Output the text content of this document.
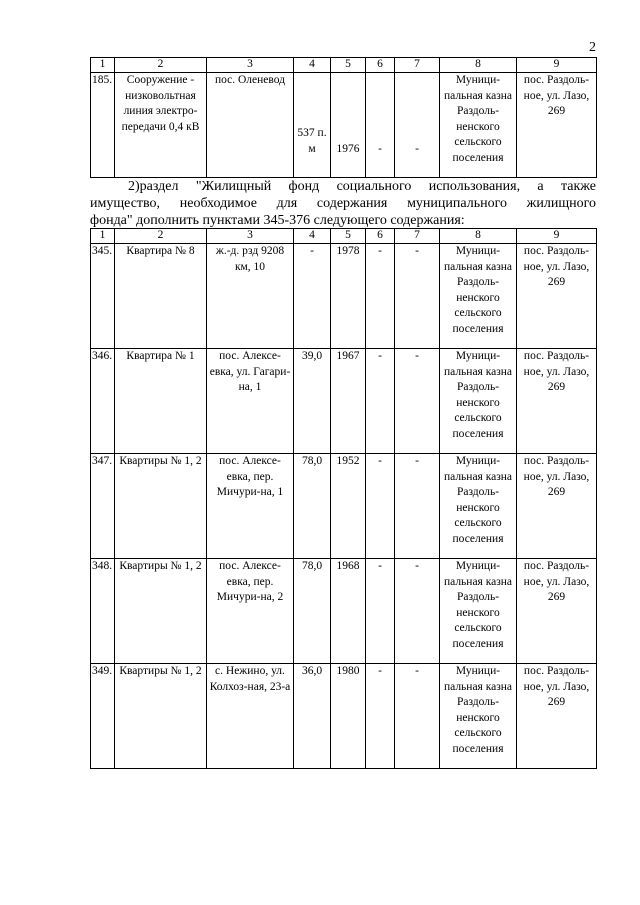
2
1	2	3	4	5	6	7	8	9
185.	Сооружение - низковольтная линия электро-передачи 0,4 кВ	пос. Оленевод	537 п. м	1976	-	-	Муници-пальная казна Раздоль-ненского сельского поселения	пос. Раздоль-ное, ул. Лазо, 269

2)раздел "Жилищный фонд социального использования, а также
имущество, необходимое для содержания муниципального жилищного
фонда" дополнить пунктами 345-376 следующего содержания:

1	2	3	4	5	6	7	8	9
345.	Квартира № 8	ж.-д. рзд 9208 км, 10	-	1978	-	-	Муници-пальная казна Раздоль-ненского сельского поселения	пос. Раздоль-ное, ул. Лазо, 269
346.	Квартира № 1	пос. Алексе-евка, ул. Гагари-на, 1	39,0	1967	-	-	Муници-пальная казна Раздоль-ненского сельского поселения	пос. Раздоль-ное, ул. Лазо, 269
347.	Квартиры № 1, 2	пос. Алексе-евка, пер. Мичури-на, 1	78,0	1952	-	-	Муници-пальная казна Раздоль-ненского сельского поселения	пос. Раздоль-ное, ул. Лазо, 269
348.	Квартиры № 1, 2	пос. Алексе-евка, пер. Мичури-на, 2	78,0	1968	-	-	Муници-пальная казна Раздоль-ненского сельского поселения	пос. Раздоль-ное, ул. Лазо, 269
349.	Квартиры № 1, 2	с. Нежино, ул. Колхоз-ная, 23-а	36,0	1980	-	-	Муници-пальная казна Раздоль-ненского сельского поселения	пос. Раздоль-ное, ул. Лазо, 269
